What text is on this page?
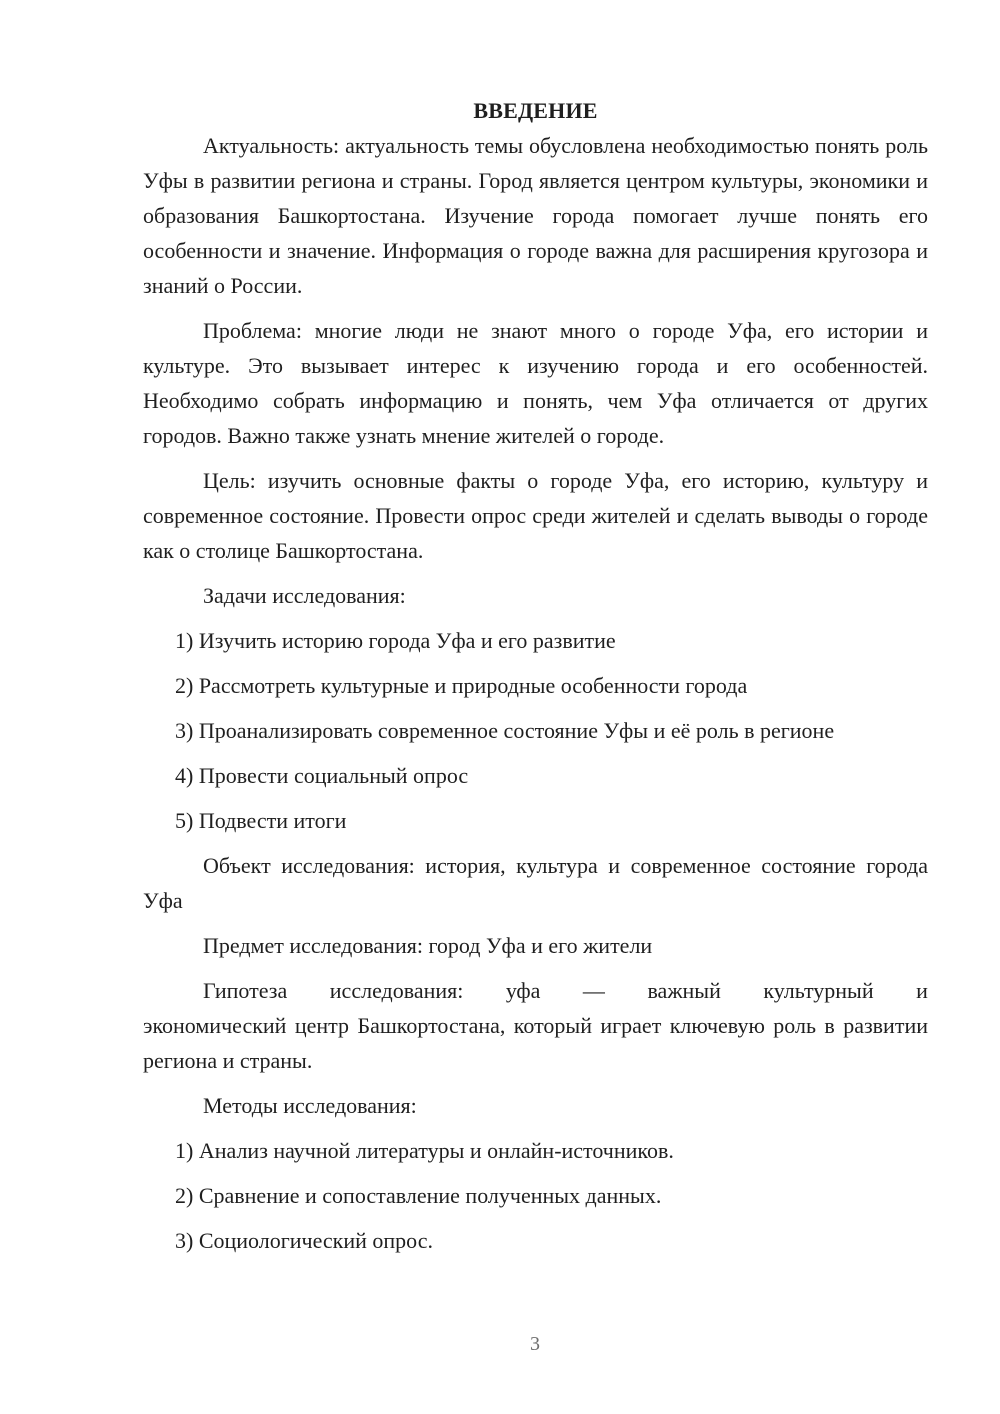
ВВЕДЕНИЕ

Актуальность: актуальность темы обусловлена необходимостью понять роль Уфы в развитии региона и страны. Город является центром культуры, экономики и образования Башкортостана. Изучение города помогает лучше понять его особенности и значение. Информация о городе важна для расширения кругозора и знаний о России.

Проблема: многие люди не знают много о городе Уфа, его истории и культуре. Это вызывает интерес к изучению города и его особенностей. Необходимо собрать информацию и понять, чем Уфа отличается от других городов. Важно также узнать мнение жителей о городе.

Цель: изучить основные факты о городе Уфа, его историю, культуру и современное состояние. Провести опрос среди жителей и сделать выводы о городе как о столице Башкортостана.

Задачи исследования:
1) Изучить историю города Уфа и его развитие
2) Рассмотреть культурные и природные особенности города
3) Проанализировать современное состояние Уфы и её роль в регионе
4) Провести социальный опрос
5) Подвести итоги

Объект исследования: история, культура и современное состояние города Уфа

Предмет исследования: город Уфа и его жители
Гипотеза исследования: уфа — важный культурный и
экономический центр Башкортостана, который играет ключевую роль в развитии региона и страны.
Методы исследования:
1) Анализ научной литературы и онлайн-источников.
2) Сравнение и сопоставление полученных данных.
3) Социологический опрос.
3
